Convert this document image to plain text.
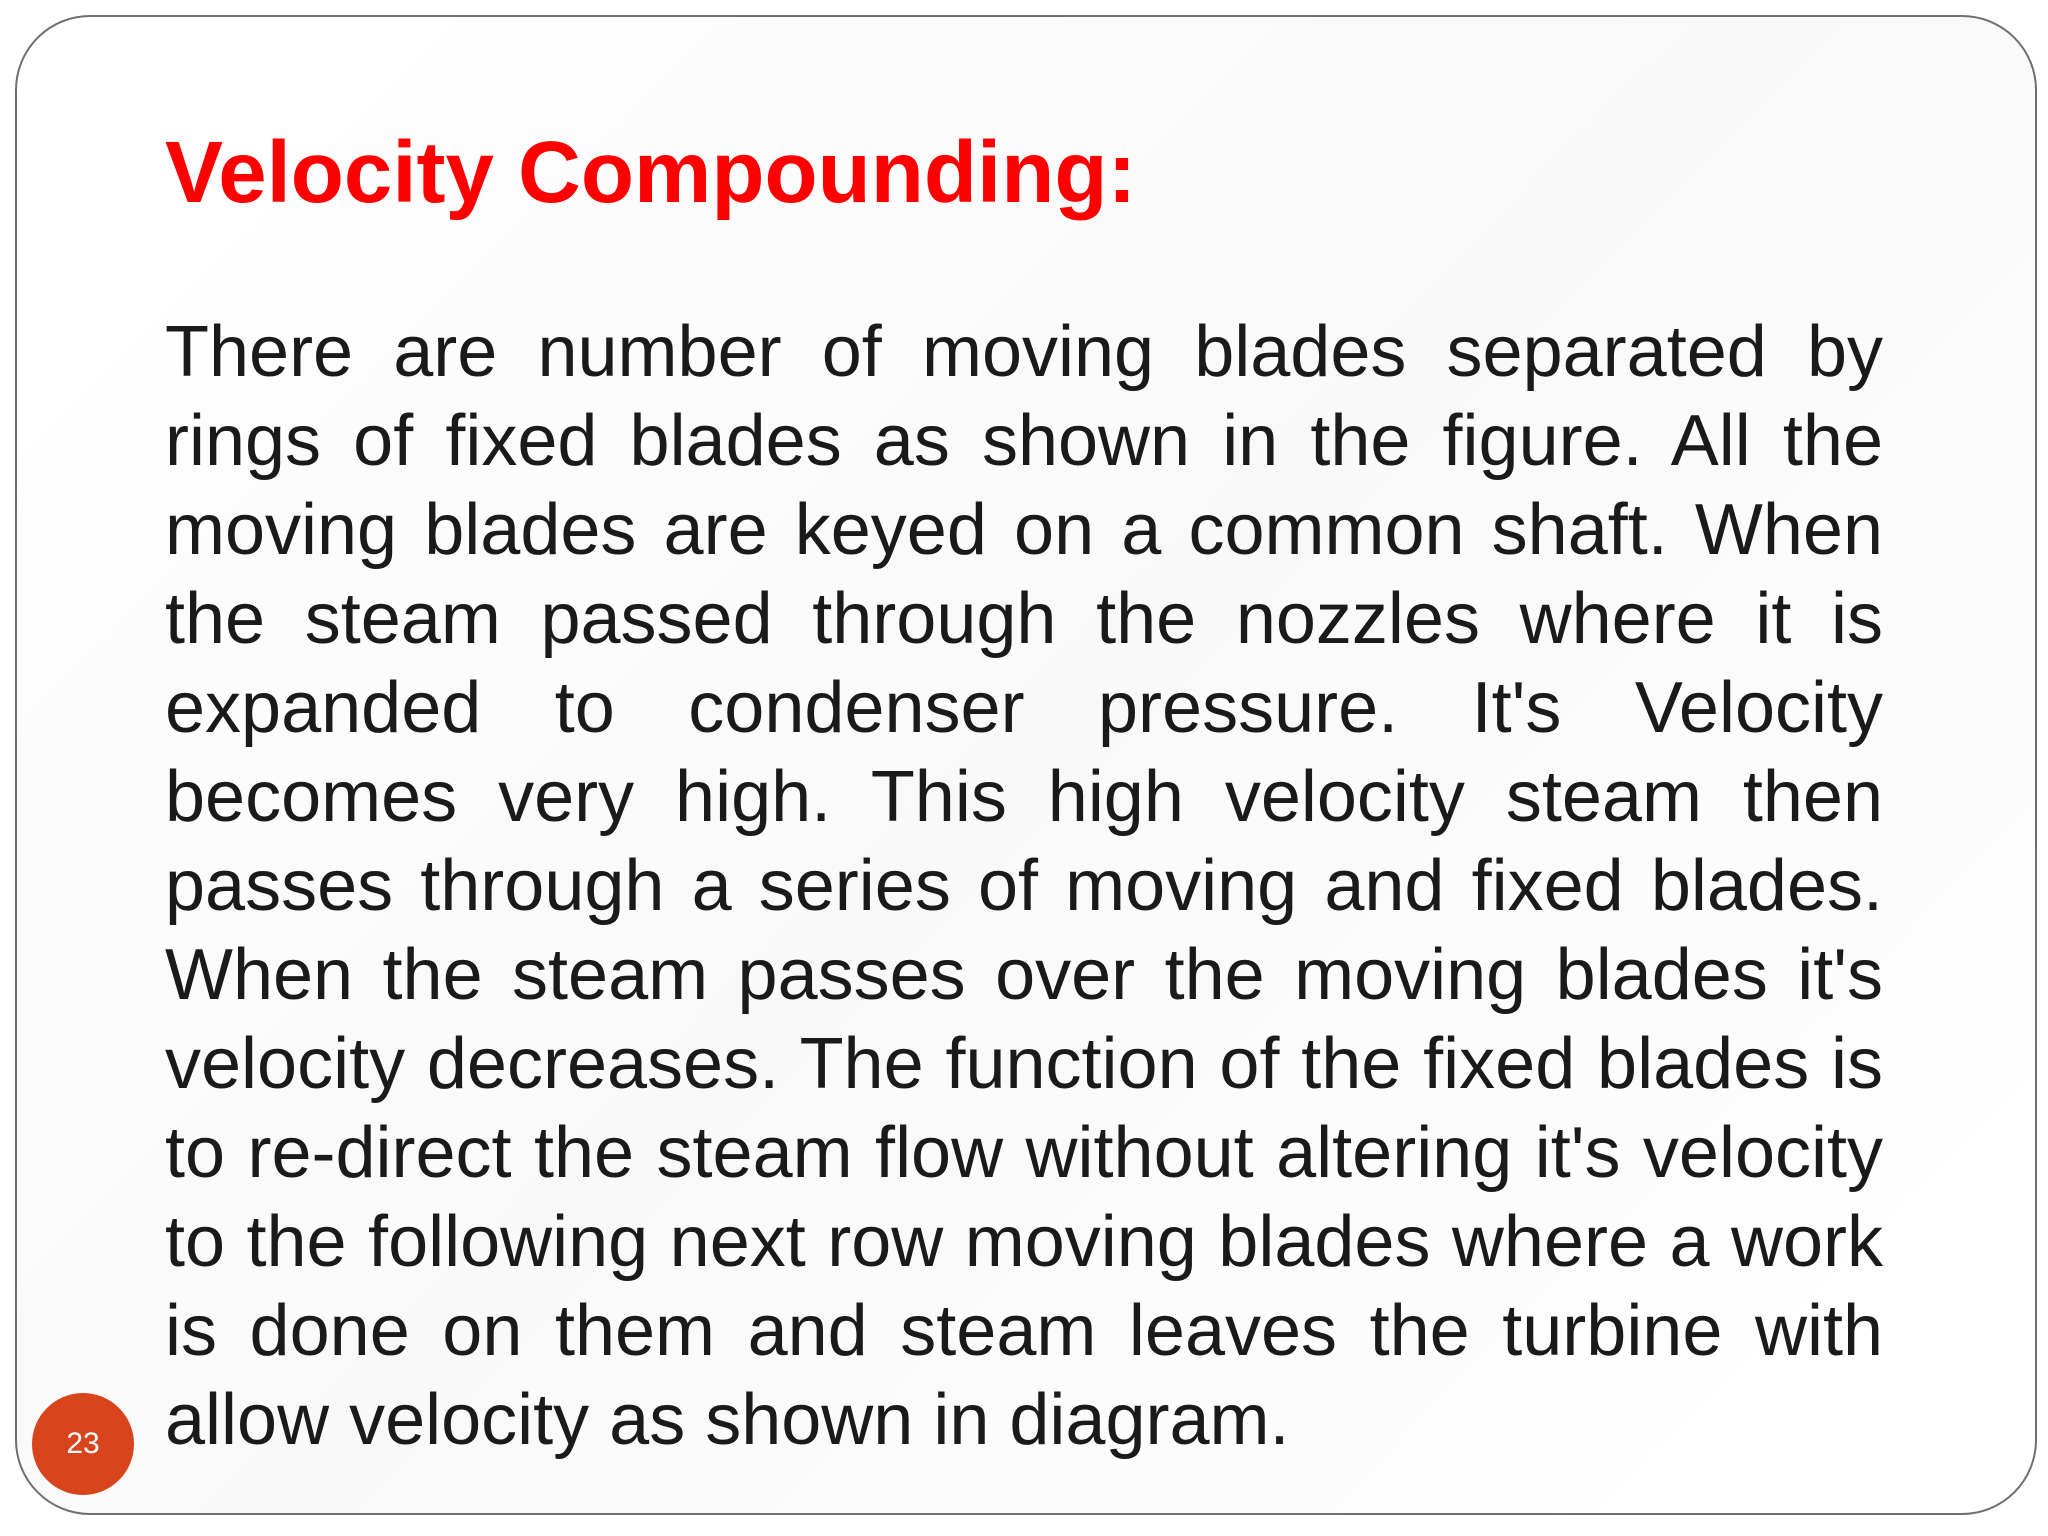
Velocity Compounding:

There are number of moving blades separated by rings of fixed blades as shown in the figure. All the moving blades are keyed on a common shaft. When the steam passed through the nozzles where it is expanded to condenser pressure. It's Velocity becomes very high. This high velocity steam then passes through a series of moving and fixed blades. When the steam passes over the moving blades it's velocity decreases. The function of the fixed blades is to re-direct the steam flow without altering it's velocity to the following next row moving blades where a work is done on them and steam leaves the turbine with allow velocity as shown in diagram.

23
